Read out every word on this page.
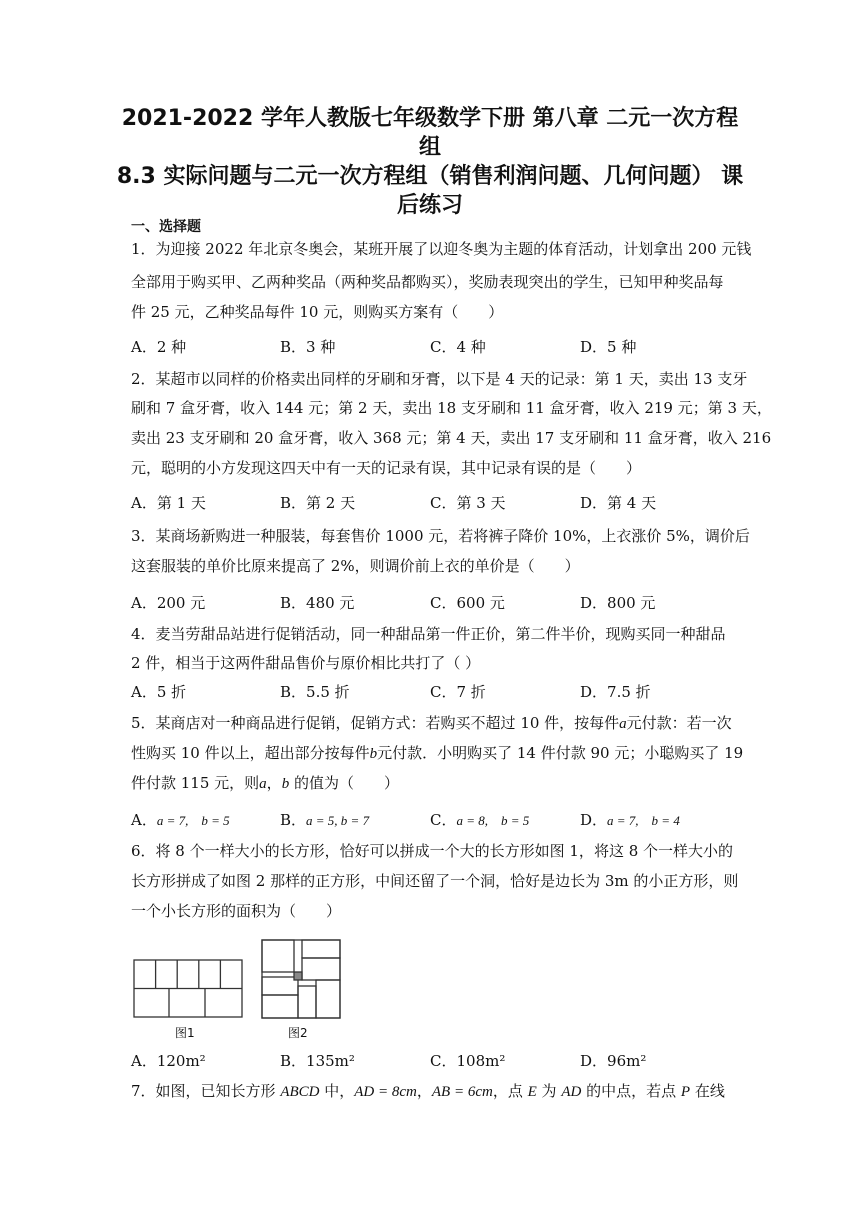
2021-2022 学年人教版七年级数学下册 第八章 二元一次方程
组
8.3 实际问题与二元一次方程组（销售利润问题、几何问题） 课
后练习
一、选择题
1．为迎接 2022 年北京冬奥会，某班开展了以迎冬奥为主题的体育活动，计划拿出 200 元钱
全部用于购买甲、乙两种奖品（两种奖品都购买），奖励表现突出的学生，已知甲种奖品每
件 25 元，乙种奖品每件 10 元，则购买方案有（　　）
A．2 种	B．3 种	C．4 种	D．5 种
2．某超市以同样的价格卖出同样的牙刷和牙膏，以下是 4 天的记录：第 1 天，卖出 13 支牙
刷和 7 盒牙膏，收入 144 元；第 2 天，卖出 18 支牙刷和 11 盒牙膏，收入 219 元；第 3 天，
卖出 23 支牙刷和 20 盒牙膏，收入 368 元；第 4 天，卖出 17 支牙刷和 11 盒牙膏，收入 216
元，聪明的小方发现这四天中有一天的记录有误，其中记录有误的是（　　）
A．第 1 天	B．第 2 天	C．第 3 天	D．第 4 天
3．某商场新购进一种服装，每套售价 1000 元，若将裤子降价 10%，上衣涨价 5%，调价后
这套服装的单价比原来提高了 2%，则调价前上衣的单价是（　　）
A．200 元	B．480 元	C．600 元	D．800 元
4．麦当劳甜品站进行促销活动，同一种甜品第一件正价，第二件半价，现购买同一种甜品
2 件，相当于这两件甜品售价与原价相比共打了（ ）
A．5 折	B．5.5 折	C．7 折	D．7.5 折
5．某商店对一种商品进行促销，促销方式：若购买不超过 10 件，按每件a元付款：若一次
性购买 10 件以上，超出部分按每件b元付款．小明购买了 14 件付款 90 元；小聪购买了 19
件付款 115 元，则a，b 的值为（　　）
A．a = 7,　b = 5	B．a = 5, b = 7	C．a = 8,　b = 5	D．a = 7,　b = 4
6．将 8 个一样大小的长方形，恰好可以拼成一个大的长方形如图 1，将这 8 个一样大小的
长方形拼成了如图 2 那样的正方形，中间还留了一个洞，恰好是边长为 3m 的小正方形，则
一个小长方形的面积为（　　）
图1	图2
A．120m²	B．135m²	C．108m²	D．96m²
7．如图，已知长方形 ABCD 中，AD = 8cm，AB = 6cm，点 E 为 AD 的中点，若点 P 在线
